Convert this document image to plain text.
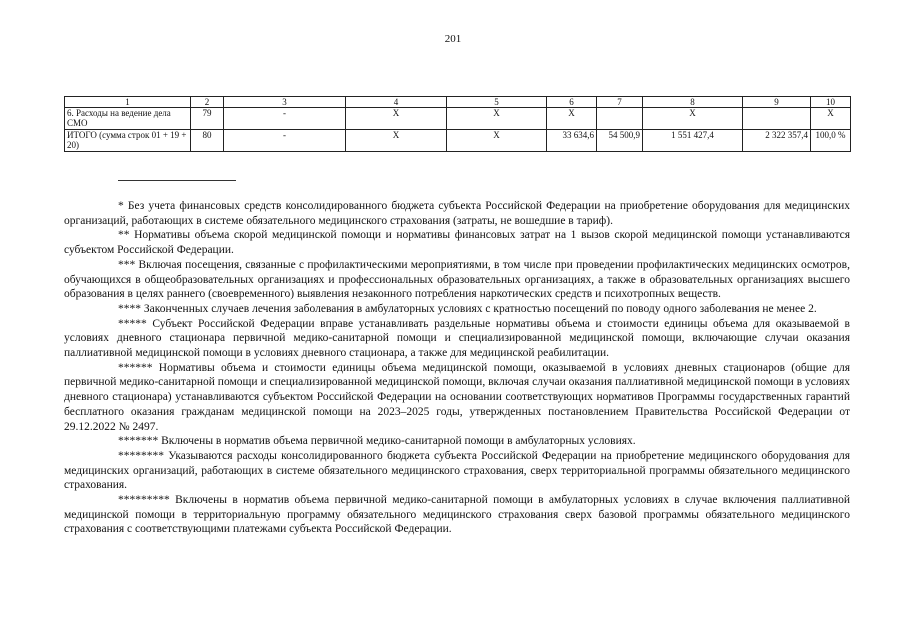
201
1	2	3	4	5	6	7	8	9	10
6. Расходы на ведение дела СМО	79	-	X	X	X		X		X
ИТОГО (сумма строк 01 + 19 + 20)	80	-	X	X	33 634,6	54 500,9	1 551 427,4	2 322 357,4	100,0 %

* Без учета финансовых средств консолидированного бюджета субъекта Российской Федерации на приобретение оборудования для медицинских организаций, работающих в системе обязательного медицинского страхования (затраты, не вошедшие в тариф).

** Нормативы объема скорой медицинской помощи и нормативы финансовых затрат на 1 вызов скорой медицинской помощи устанавливаются субъектом Российской Федерации.

*** Включая посещения, связанные с профилактическими мероприятиями, в том числе при проведении профилактических медицинских осмотров, обучающихся в общеобразовательных организациях и профессиональных образовательных организациях, а также в образовательных организациях высшего образования в целях раннего (своевременного) выявления незаконного потребления наркотических средств и психотропных веществ.

**** Законченных случаев лечения заболевания в амбулаторных условиях с кратностью посещений по поводу одного заболевания не менее 2.

***** Субъект Российской Федерации вправе устанавливать раздельные нормативы объема и стоимости единицы объема для оказываемой в условиях дневного стационара первичной медико-санитарной помощи и специализированной медицинской помощи, включающие случаи оказания паллиативной медицинской помощи в условиях дневного стационара, а также для медицинской реабилитации.

****** Нормативы объема и стоимости единицы объема медицинской помощи, оказываемой в условиях дневных стационаров (общие для первичной медико-санитарной помощи и специализированной медицинской помощи, включая случаи оказания паллиативной медицинской помощи в условиях дневного стационара) устанавливаются субъектом Российской Федерации на основании соответствующих нормативов Программы государственных гарантий бесплатного оказания гражданам медицинской помощи на 2023–2025 годы, утвержденных постановлением Правительства Российской Федерации от 29.12.2022 № 2497.

******* Включены в норматив объема первичной медико-санитарной помощи в амбулаторных условиях.

******** Указываются расходы консолидированного бюджета субъекта Российской Федерации на приобретение медицинского оборудования для медицинских организаций, работающих в системе обязательного медицинского страхования, сверх территориальной программы обязательного медицинского страхования.

********* Включены в норматив объема первичной медико-санитарной помощи в амбулаторных условиях в случае включения паллиативной медицинской помощи в территориальную программу обязательного медицинского страхования сверх базовой программы обязательного медицинского страхования с соответствующими платежами субъекта Российской Федерации.
